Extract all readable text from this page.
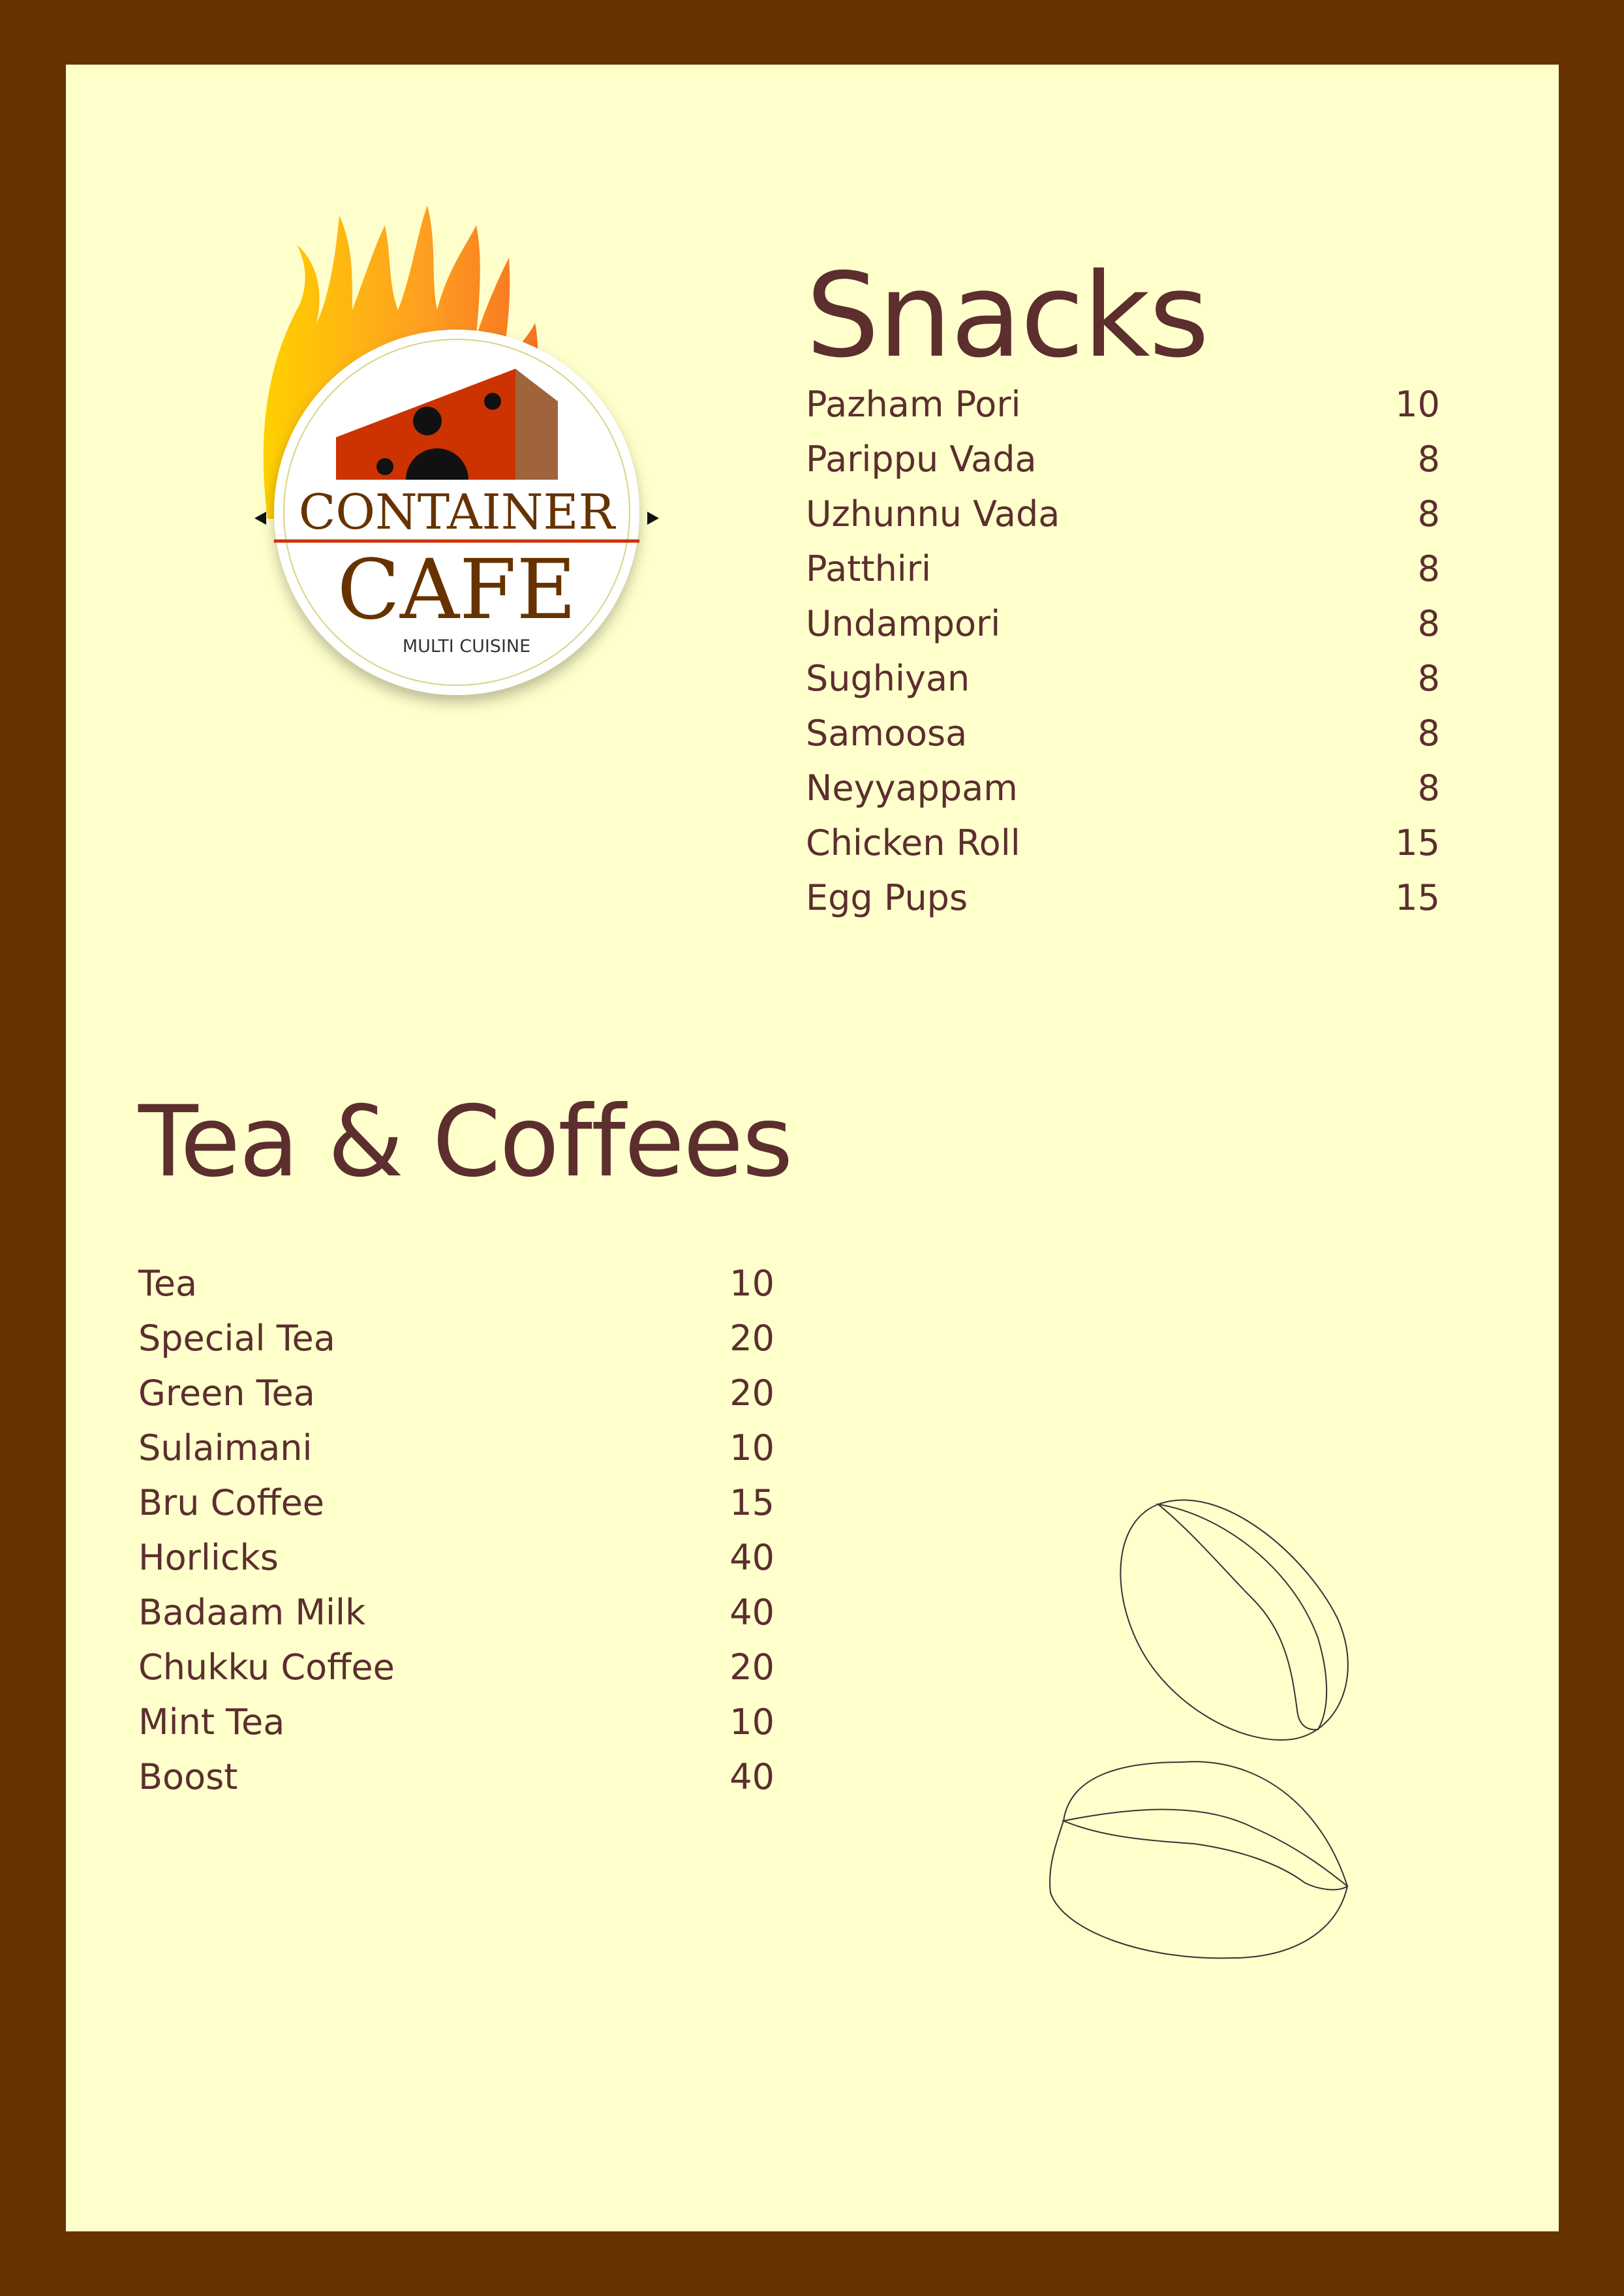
CONTAINER
CAFE
MULTI CUISINE
Snacks
Pazham Pori	10
Parippu Vada	8
Uzhunnu Vada	8
Patthiri	8
Undampori	8
Sughiyan	8
Samoosa	8
Neyyappam	8
Chicken Roll	15
Egg Pups	15
Tea & Coffees
Tea	10
Special Tea	20
Green Tea	20
Sulaimani	10
Bru Coffee	15
Horlicks	40
Badaam Milk	40
Chukku Coffee	20
Mint Tea	10
Boost	40
